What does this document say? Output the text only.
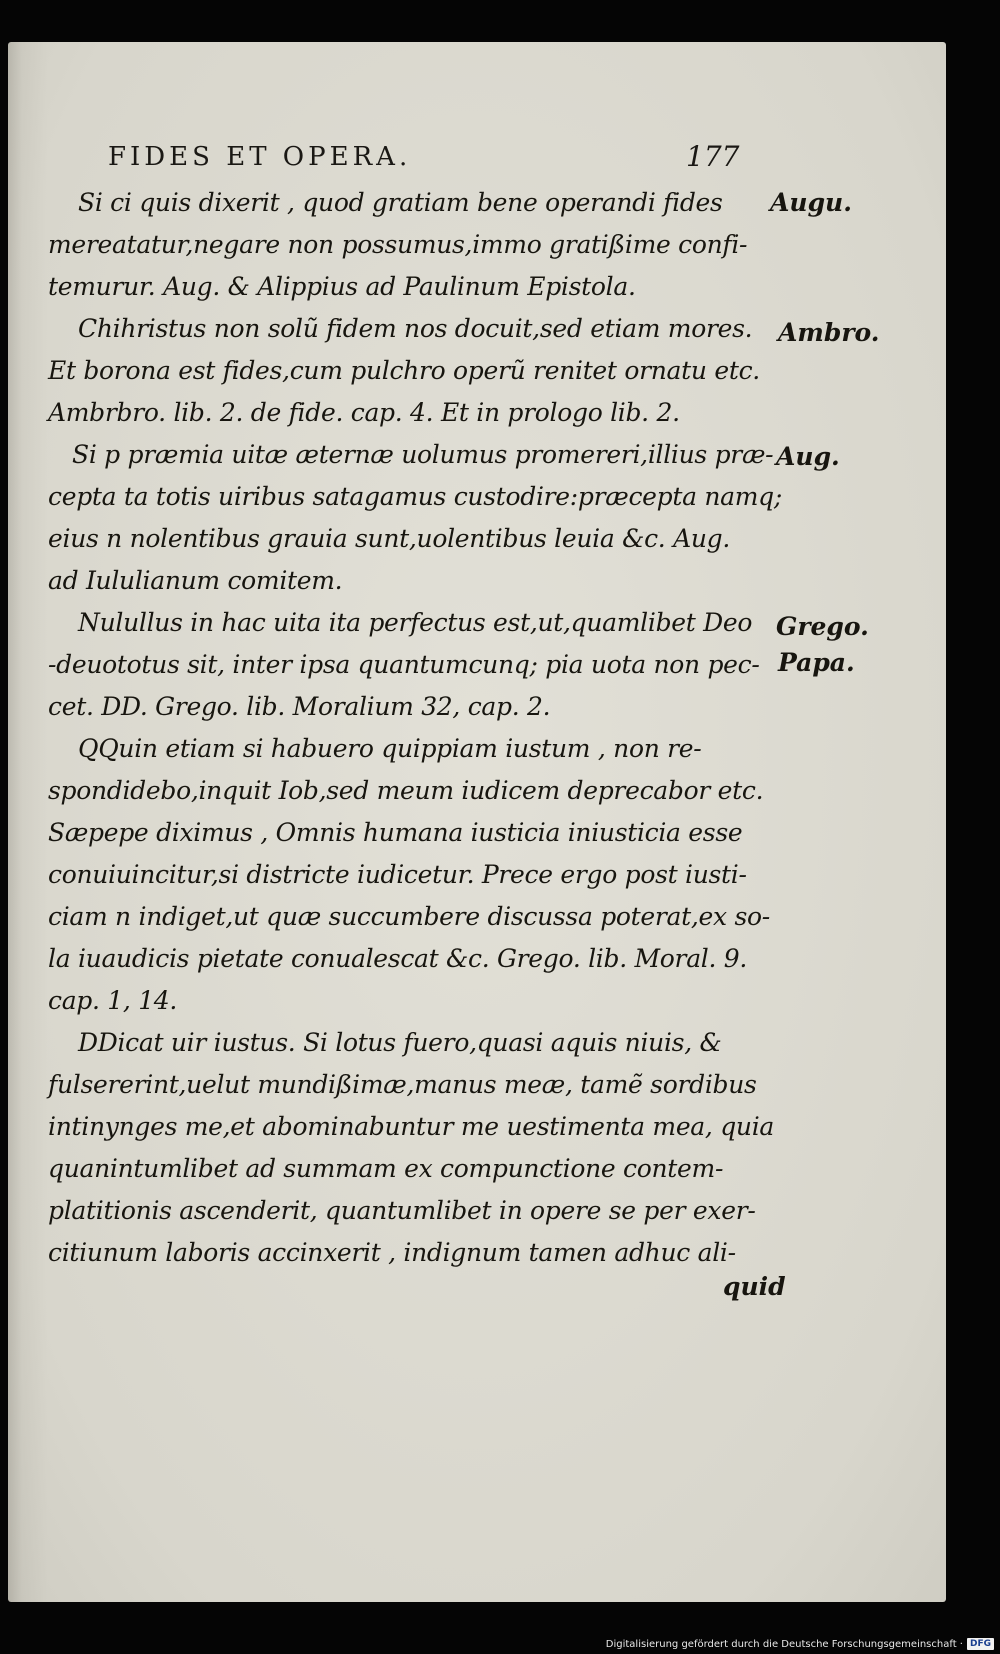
FIDES ET OPERA.	177
Si ci quis dixerit , quod gratiam bene operandi fides
mereatatur,negare non possumus,immo gratißime confi-
temurur. Aug. & Alippius ad Paulinum Epistola.
Chihristus non solũ fidem nos docuit,sed etiam mores.
Et borona est fides,cum pulchro operũ renitet ornatu etc.
Ambrbro. lib. 2. de fide. cap. 4. Et in prologo lib. 2.
Si p præmia uitæ æternæ uolumus promereri,illius præ-
cepta ta totis uiribus satagamus custodire:præcepta namq;
eius n nolentibus grauia sunt,uolentibus leuia &c. Aug.
ad Iululianum comitem.
Nulullus in hac uita ita perfectus est,ut,quamlibet Deo
-deuototus sit, inter ipsa quantumcunq; pia uota non pec-
cet. DD. Grego. lib. Moralium 32, cap. 2.
QQuin etiam si habuero quippiam iustum , non re-
spondidebo,inquit Iob,sed meum iudicem deprecabor etc.
Sæpepe diximus , Omnis humana iusticia iniusticia esse
conuiuincitur,si districte iudicetur. Prece ergo post iusti-
ciam n indiget,ut quæ succumbere discussa poterat,ex so-
la iuaudicis pietate conualescat &c. Grego. lib. Moral. 9.
cap. 1, 14.
DDicat uir iustus. Si lotus fuero,quasi aquis niuis, &
fulsererint,uelut mundißimæ,manus meæ, tamẽ sordibus
intinynges me,et abominabuntur me uestimenta mea, quia
quanintumlibet ad summam ex compunctione contem-
platitionis ascenderit, quantumlibet in opere se per exer-
citiunum laboris accinxerit , indignum tamen adhuc ali-
Augu.
Ambro.
Aug.
Grego.
Papa.
quid
Digitalisierung gefördert durch die Deutsche Forschungsgemeinschaft · DFG
